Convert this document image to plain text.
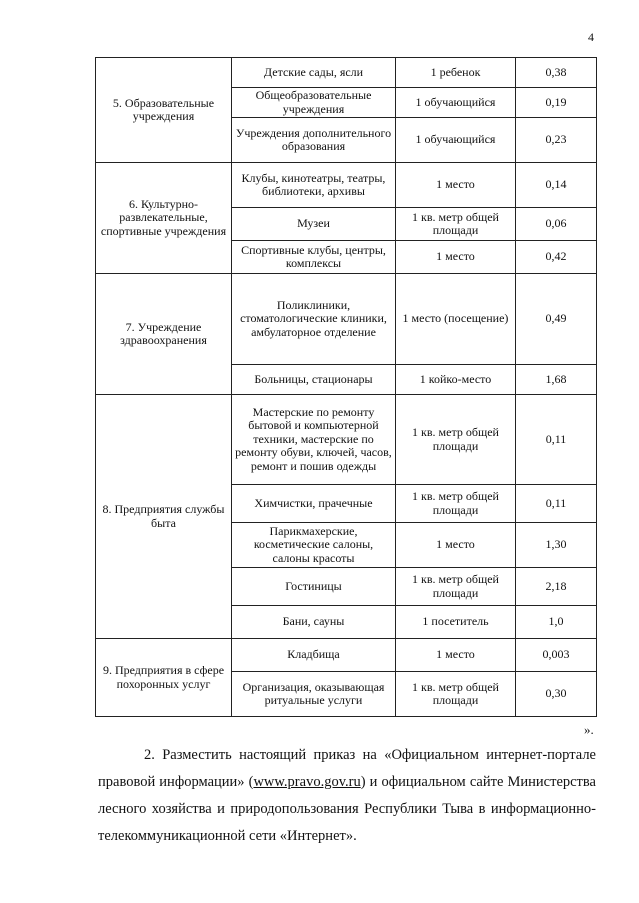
4
5. Образовательные учреждения	Детские сады, ясли	1 ребенок	0,38
	Общеобразовательные учреждения	1 обучающийся	0,19
	Учреждения дополнительного образования	1 обучающийся	0,23
6. Культурно-развлекательные, спортивные учреждения	Клубы, кинотеатры, театры, библиотеки, архивы	1 место	0,14
	Музеи	1 кв. метр общей площади	0,06
	Спортивные клубы, центры, комплексы	1 место	0,42
7. Учреждение здравоохранения	Поликлиники, стоматологические клиники, амбулаторное отделение	1 место (посещение)	0,49
	Больницы, стационары	1 койко-место	1,68
8. Предприятия службы быта	Мастерские по ремонту бытовой и компьютерной техники, мастерские по ремонту обуви, ключей, часов, ремонт и пошив одежды	1 кв. метр общей площади	0,11
	Химчистки, прачечные	1 кв. метр общей площади	0,11
	Парикмахерские, косметические салоны, салоны красоты	1 место	1,30
	Гостиницы	1 кв. метр общей площади	2,18
	Бани, сауны	1 посетитель	1,0
9. Предприятия в сфере похоронных услуг	Кладбища	1 место	0,003
	Организация, оказывающая ритуальные услуги	1 кв. метр общей площади	0,30
».
2. Разместить настоящий приказ на «Официальном интернет-портале правовой информации» (www.pravo.gov.ru) и официальном сайте Министерства лесного хозяйства и природопользования Республики Тыва в информационно-телекоммуникационной сети «Интернет».
